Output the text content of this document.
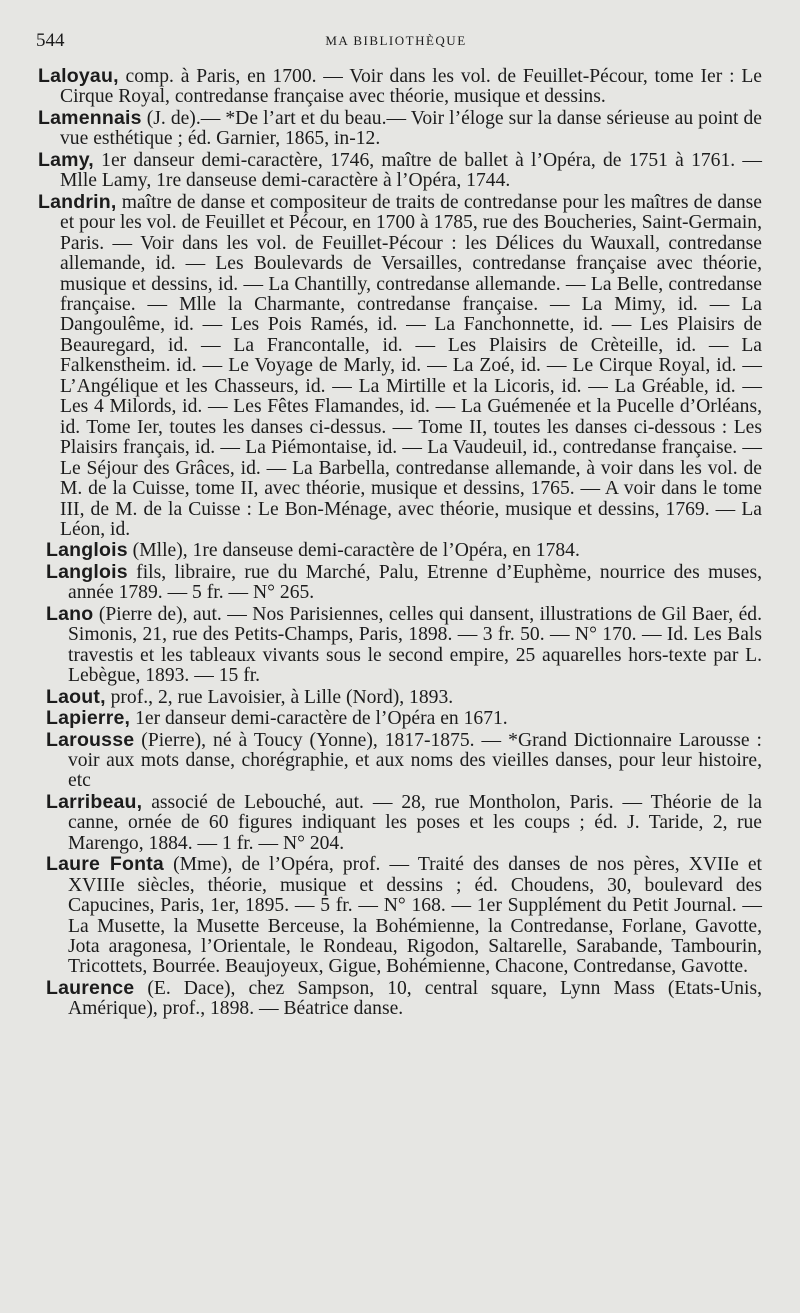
544	MA BIBLIOTHÈQUE

Laloyau, comp. à Paris, en 1700. — Voir dans les vol. de Feuillet-Pécour, tome Ier : Le Cirque Royal, contredanse française avec théorie, musique et dessins.

Lamennais (J. de).— *De l’art et du beau.— Voir l’éloge sur la danse sérieuse au point de vue esthétique ; éd. Garnier, 1865, in-12.

Lamy, 1er danseur demi-caractère, 1746, maître de ballet à l’Opéra, de 1751 à 1761. — Mlle Lamy, 1re danseuse demi-caractère à l’Opéra, 1744.

Landrin, maître de danse et compositeur de traits de contredanse pour les maîtres de danse et pour les vol. de Feuillet et Pécour, en 1700 à 1785, rue des Boucheries, Saint-Germain, Paris. — Voir dans les vol. de Feuillet-Pécour : les Délices du Wauxall, contredanse allemande, id. — Les Boulevards de Versailles, contredanse française avec théorie, musique et dessins, id. — La Chantilly, contredanse allemande. — La Belle, contredanse française. — Mlle la Charmante, contredanse française. — La Mimy, id. — La Dangoulême, id. — Les Pois Ramés, id. — La Fanchonnette, id. — Les Plaisirs de Beauregard, id. — La Francontalle, id. — Les Plaisirs de Crèteille, id. — La Falkenstheim. id. — Le Voyage de Marly, id. — La Zoé, id. — Le Cirque Royal, id. — L’Angélique et les Chasseurs, id. — La Mirtille et la Licoris, id. — La Gréable, id. — Les 4 Milords, id. — Les Fêtes Flamandes, id. — La Guémenée et la Pucelle d’Orléans, id. Tome Ier, toutes les danses ci-dessus. — Tome II, toutes les danses ci-dessous : Les Plaisirs français, id. — La Piémontaise, id. — La Vaudeuil, id., contredanse française. — Le Séjour des Grâces, id. — La Barbella, contredanse allemande, à voir dans les vol. de M. de la Cuisse, tome II, avec théorie, musique et dessins, 1765. — A voir dans le tome III, de M. de la Cuisse : Le Bon-Ménage, avec théorie, musique et dessins, 1769. — La Léon, id.

Langlois (Mlle), 1re danseuse demi-caractère de l’Opéra, en 1784.

Langlois fils, libraire, rue du Marché, Palu, Etrenne d’Euphème, nourrice des muses, année 1789. — 5 fr. — N° 265.

Lano (Pierre de), aut. — Nos Parisiennes, celles qui dansent, illustrations de Gil Baer, éd. Simonis, 21, rue des Petits-Champs, Paris, 1898. — 3 fr. 50. — N° 170. — Id. Les Bals travestis et les tableaux vivants sous le second empire, 25 aquarelles hors-texte par L. Lebègue, 1893. — 15 fr.

Laout, prof., 2, rue Lavoisier, à Lille (Nord), 1893.

Lapierre, 1er danseur demi-caractère de l’Opéra en 1671.

Larousse (Pierre), né à Toucy (Yonne), 1817-1875. — *Grand Dictionnaire Larousse : voir aux mots danse, chorégraphie, et aux noms des vieilles danses, pour leur histoire, etc

Larribeau, associé de Lebouché, aut. — 28, rue Montholon, Paris. — Théorie de la canne, ornée de 60 figures indiquant les poses et les coups ; éd. J. Taride, 2, rue Marengo, 1884. — 1 fr. — N° 204.

Laure Fonta (Mme), de l’Opéra, prof. — Traité des danses de nos pères, XVIIe et XVIIIe siècles, théorie, musique et dessins ; éd. Choudens, 30, boulevard des Capucines, Paris, 1er, 1895. — 5 fr. — N° 168. — 1er Supplément du Petit Journal. — La Musette, la Musette Berceuse, la Bohémienne, la Contredanse, Forlane, Gavotte, Jota aragonesa, l’Orientale, le Rondeau, Rigodon, Saltarelle, Sarabande, Tambourin, Tricottets, Bourrée. Beaujoyeux, Gigue, Bohémienne, Chacone, Contredanse, Gavotte.

Laurence (E. Dace), chez Sampson, 10, central square, Lynn Mass (Etats-Unis, Amérique), prof., 1898. — Béatrice danse.
